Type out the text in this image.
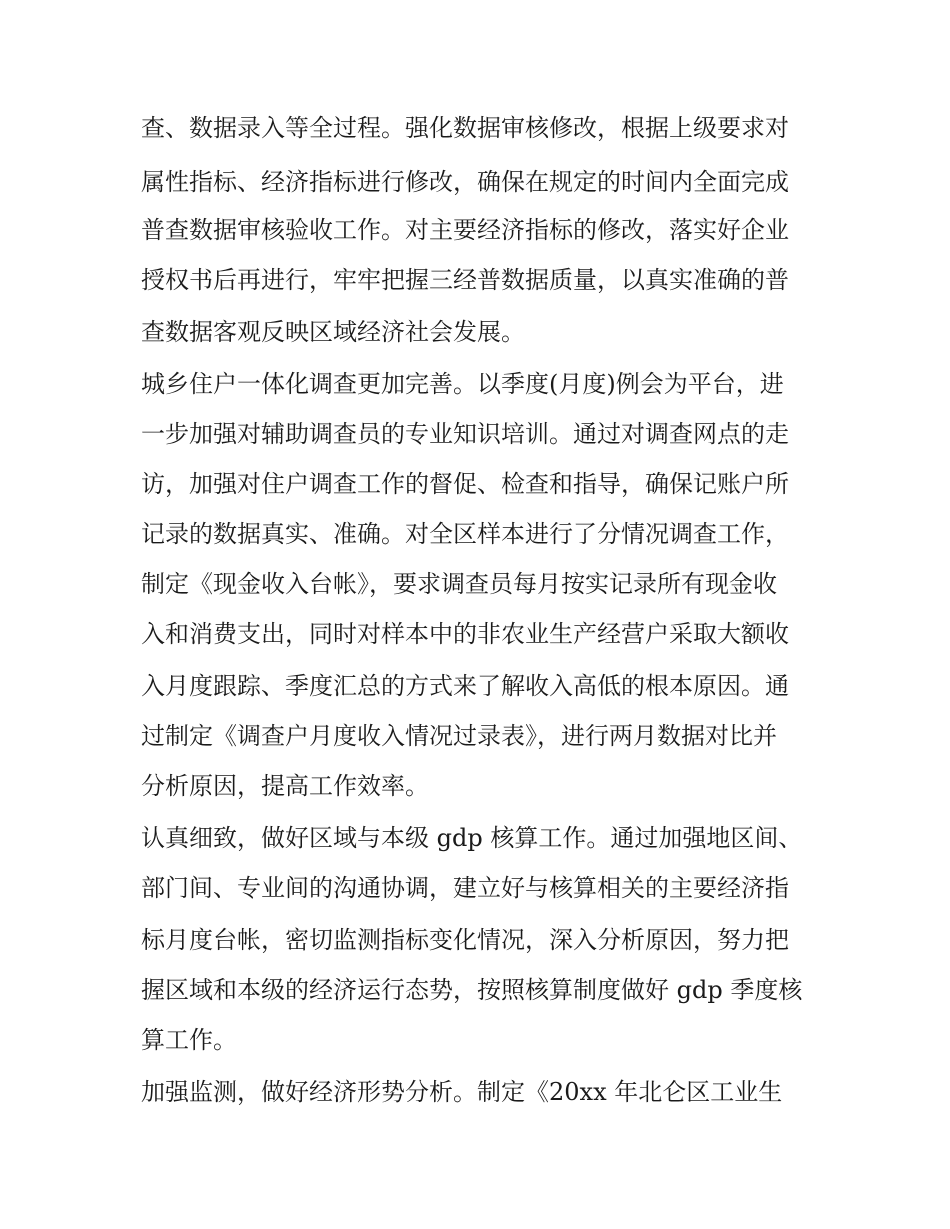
查、数据录入等全过程。强化数据审核修改，根据上级要求对
属性指标、经济指标进行修改，确保在规定的时间内全面完成
普查数据审核验收工作。对主要经济指标的修改，落实好企业
授权书后再进行，牢牢把握三经普数据质量，以真实准确的普
查数据客观反映区域经济社会发展。
城乡住户一体化调查更加完善。以季度(月度)例会为平台，进
一步加强对辅助调查员的专业知识培训。通过对调查网点的走
访，加强对住户调查工作的督促、检查和指导，确保记账户所
记录的数据真实、准确。对全区样本进行了分情况调查工作，
制定《现金收入台帐》，要求调查员每月按实记录所有现金收
入和消费支出，同时对样本中的非农业生产经营户采取大额收
入月度跟踪、季度汇总的方式来了解收入高低的根本原因。通
过制定《调查户月度收入情况过录表》，进行两月数据对比并
分析原因，提高工作效率。
认真细致，做好区域与本级 gdp 核算工作。通过加强地区间、
部门间、专业间的沟通协调，建立好与核算相关的主要经济指
标月度台帐，密切监测指标变化情况，深入分析原因，努力把
握区域和本级的经济运行态势，按照核算制度做好 gdp 季度核
算工作。
加强监测，做好经济形势分析。制定《20xx 年北仑区工业生
